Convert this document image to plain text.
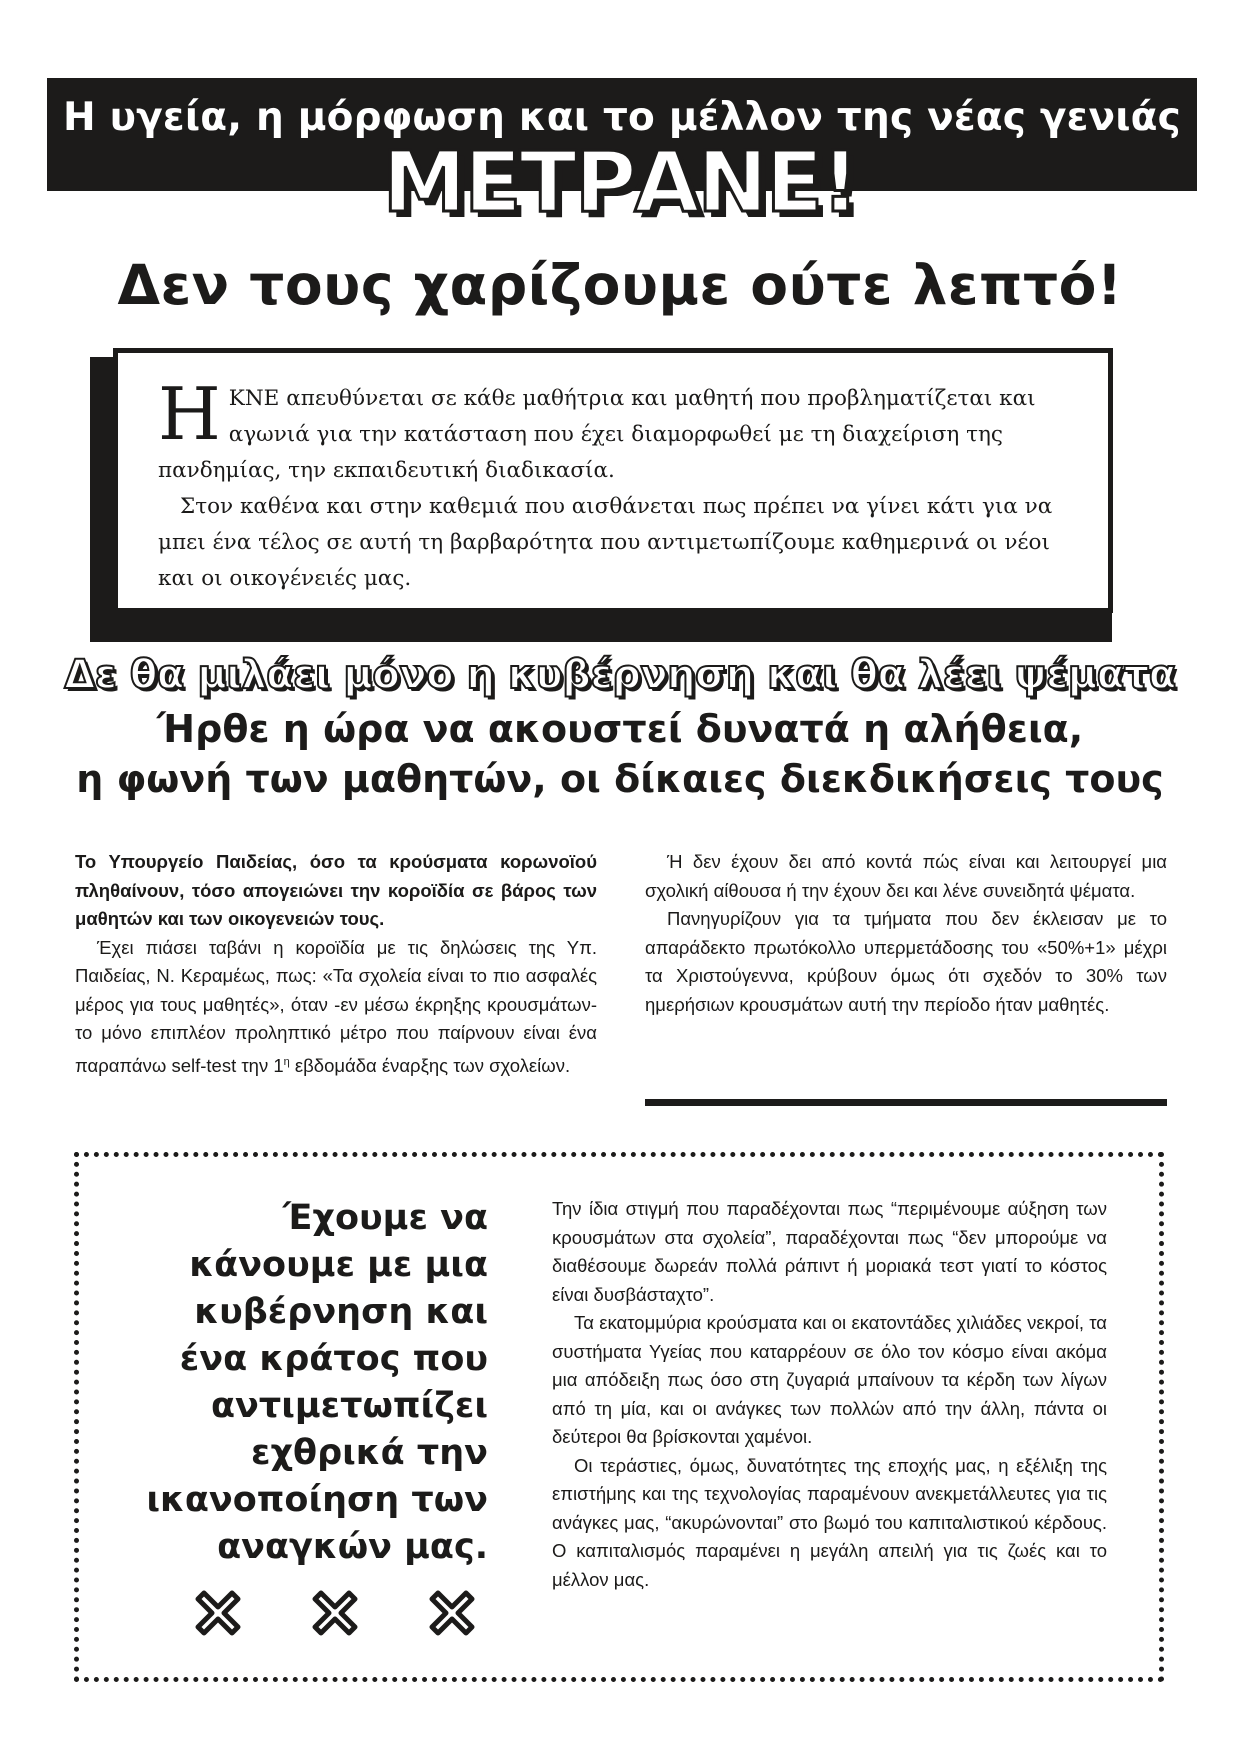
Η υγεία, η μόρφωση και το μέλλον της νέας γενιάς
ΜΕΤΡΑΝΕ!
Δεν τους χαρίζουμε ούτε λεπτό!

ΗΚΝΕ απευθύνεται σε κάθε μαθήτρια και μαθητή που προβληματίζεται και αγωνιά για την κατάσταση που έχει διαμορφωθεί με τη διαχείριση της πανδημίας, την εκπαιδευτική διαδικασία.

Στον καθένα και στην καθεμιά που αισθάνεται πως πρέπει να γίνει κάτι για να μπει ένα τέλος σε αυτή τη βαρβαρότητα που αντιμετωπίζουμε καθημερινά οι νέοι και οι οικογένειές μας.

Δε θα μιλάει μόνο η κυβέρνηση και θα λέει ψέματα
Ήρθε η ώρα να ακουστεί δυνατά η αλήθεια,
η φωνή των μαθητών, οι δίκαιες διεκδικήσεις τους

Το Υπουργείο Παιδείας, όσο τα κρούσματα κορωνοϊού πληθαίνουν, τόσο απογειώνει την κοροϊδία σε βάρος των μαθητών και των οικογενειών τους.

Έχει πιάσει ταβάνι η κοροϊδία με τις δηλώσεις της Υπ. Παιδείας, Ν. Κεραμέως, πως: «Τα σχολεία είναι το πιο ασφαλές μέρος για τους μαθητές», όταν -εν μέσω έκρηξης κρουσμάτων- το μόνο επιπλέον προληπτικό μέτρο που παίρνουν είναι ένα παραπάνω self-test την $1^\eta$ εβδομάδα έναρξης των σχολείων.

Ή δεν έχουν δει από κοντά πώς είναι και λειτουργεί μια σχολική αίθουσα ή την έχουν δει και λένε συνειδητά ψέματα.

Πανηγυρίζουν για τα τμήματα που δεν έκλεισαν με το απαράδεκτο πρωτόκολλο υπερμετάδοσης του «50%+1» μέχρι τα Χριστούγεννα, κρύβουν όμως ότι σχεδόν το 30% των ημερήσιων κρουσμάτων αυτή την περίοδο ήταν μαθητές.

Έχουμε να κάνουμε με μια κυβέρνηση και ένα κράτος που αντιμετωπίζει εχθρικά την ικανοποίηση των αναγκών μας.

Την ίδια στιγμή που παραδέχονται πως “περιμένουμε αύξηση των κρουσμάτων στα σχολεία”, παραδέχονται πως “δεν μπορούμε να διαθέσουμε δωρεάν πολλά ράπιντ ή μοριακά τεστ γιατί το κόστος είναι δυσβάσταχτο”.

Τα εκατομμύρια κρούσματα και οι εκατοντάδες χιλιάδες νεκροί, τα συστήματα Υγείας που καταρρέουν σε όλο τον κόσμο είναι ακόμα μια απόδειξη πως όσο στη ζυγαριά μπαίνουν τα κέρδη των λίγων από τη μία, και οι ανάγκες των πολλών από την άλλη, πάντα οι δεύτεροι θα βρίσκονται χαμένοι.

Οι τεράστιες, όμως, δυνατότητες της εποχής μας, η εξέλιξη της επιστήμης και της τεχνολογίας παραμένουν ανεκμετάλλευτες για τις ανάγκες μας, “ακυρώνονται” στο βωμό του καπιταλιστικού κέρδους. Ο καπιταλισμός παραμένει η μεγάλη απειλή για τις ζωές και το μέλλον μας.
